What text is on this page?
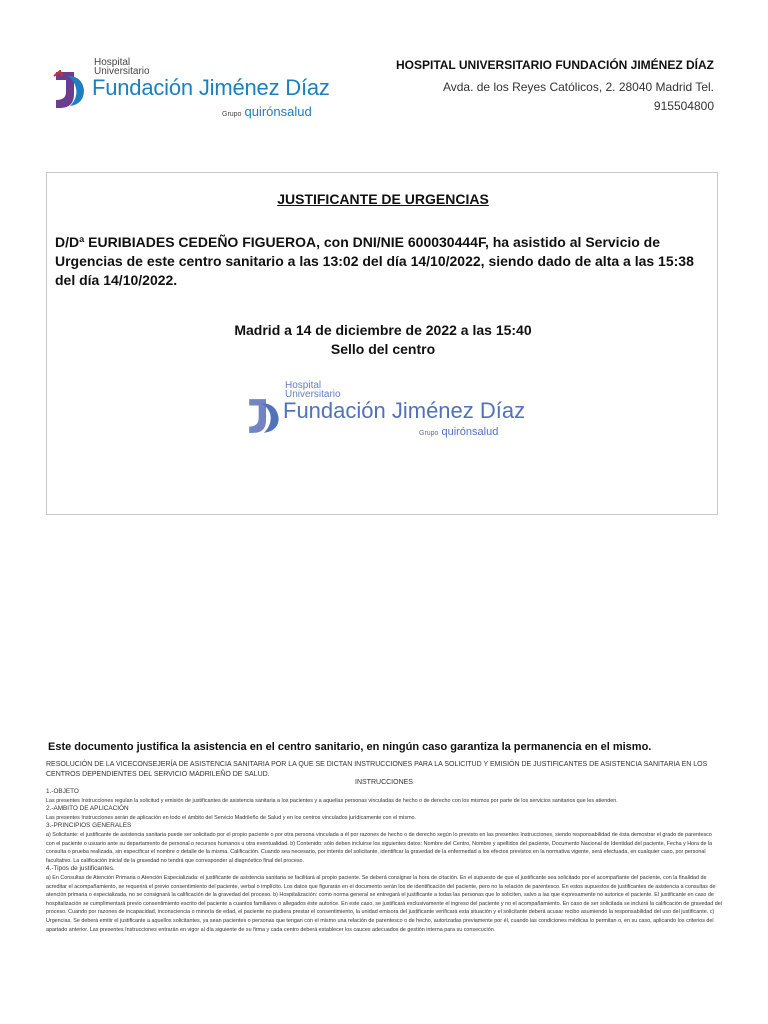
Hospital
Universitario
Fundación Jiménez Díaz
Grupo quirónsalud
HOSPITAL UNIVERSITARIO FUNDACIÓN JIMÉNEZ DÍAZ
Avda. de los Reyes Católicos, 2. 28040 Madrid Tel. 915504800
JUSTIFICANTE DE URGENCIAS
D/Dª EURIBIADES CEDEÑO FIGUEROA, con DNI/NIE 600030444F, ha asistido al Servicio de Urgencias de este centro sanitario a las 13:02 del día 14/10/2022, siendo dado de alta a las 15:38 del día 14/10/2022.
Madrid a 14 de diciembre de 2022 a las 15:40
Sello del centro
Hospital
Universitario
Fundación Jiménez Díaz
Grupo quirónsalud
Este documento justifica la asistencia en el centro sanitario, en ningún caso garantiza la permanencia en el mismo.
RESOLUCIÓN DE LA VICECONSEJERÍA DE ASISTENCIA SANITARIA POR LA QUE SE DICTAN INSTRUCCIONES PARA LA SOLICITUD Y EMISIÓN DE JUSTIFICANTES DE ASISTENCIA SANITARIA EN LOS CENTROS DEPENDIENTES DEL SERVICIO MADRILEÑO DE SALUD.
INSTRUCCIONES

1.-OBJETO

Las presentes Instrucciones regulan la solicitud y emisión de justificantes de asistencia sanitaria a los pacientes y a aquellas personas vinculadas de hecho o de derecho con los mismos por parte de los servicios sanitarios que les atienden.

2.-AMBITO DE APLICACIÓN

Las presentes Instrucciones serán de aplicación en todo el ámbito del Servicio Madrileño de Salud y en los centros vinculados jurídicamente con el mismo.

3.-PRINCIPIOS GENERALES

a) Solicitante: el justificante de asistencia sanitaria puede ser solicitado por el propio paciente o por otra persona vinculada a él por razones de hecho o de derecho según lo previsto en las presentes Instrucciones, siendo responsabilidad de ésta demostrar el grado de parentesco con el paciente o usuario ante su departamento de personal o recursos humanos u otra eventualidad. b) Contenido: sólo deben incluirse los siguientes datos: Nombre del Centro, Nombre y apellidos del paciente, Documento Nacional de Identidad del paciente, Fecha y Hora de la consulta o prueba realizada, sin especificar el nombre o detalle de la misma. Calificación. Cuando sea necesario, por interés del solicitante, identificar la gravedad de la enfermedad a los efectos previstos en la normativa vigente, será efectuada, en cualquier caso, por personal facultativo. La calificación inicial de la gravedad no tendrá que corresponder al diagnóstico final del proceso.

4.-Tipos de justificantes.

a) En Consultas de Atención Primaria o Atención Especializada: el justificante de asistencia sanitaria se facilitará al propio paciente. Se deberá consignar la hora de citación. En el supuesto de que el justificante sea solicitado por el acompañante del paciente, con la finalidad de acreditar el acompañamiento, se requerirá el previo consentimiento del paciente, verbal o implícito. Los datos que figurarán en el documento serán los de identificación del paciente, pero no la relación de parentesco. En estos supuestos de justificantes de asistencia a consultas de atención primaria o especializada, no se consignará la calificación de la gravedad del proceso. b) Hospitalización: como norma general se entregará el justificante a todas las personas que lo soliciten, salvo a las que expresamente no autorice el paciente. El justificante en caso de hospitalización se cumplimentará previo consentimiento escrito del paciente a cuantos familiares o allegados éste autorice. En este caso, se justificará exclusivamente el ingreso del paciente y no el acompañamiento. En caso de ser solicitada se incluirá la calificación de gravedad del proceso. Cuando por razones de incapacidad, inconsciencia o minoría de edad, el paciente no pudiera prestar el consentimiento, la unidad emisora del justificante verificará esta situación y el solicitante deberá acusar recibo asumiendo la responsabilidad del uso del justificante. c) Urgencias. Se deberá emitir el justificante a aquellos solicitantes, ya sean pacientes o personas que tengan con el mismo una relación de parentesco o de hecho, autorizadas previamente por él, cuando las condiciones médicas lo permitan o, en su caso, aplicando los criterios del apartado anterior. Las presentes Instrucciones entrarán en vigor al día siguiente de su firma y cada centro deberá establecer los cauces adecuados de gestión interna para su consecución.
